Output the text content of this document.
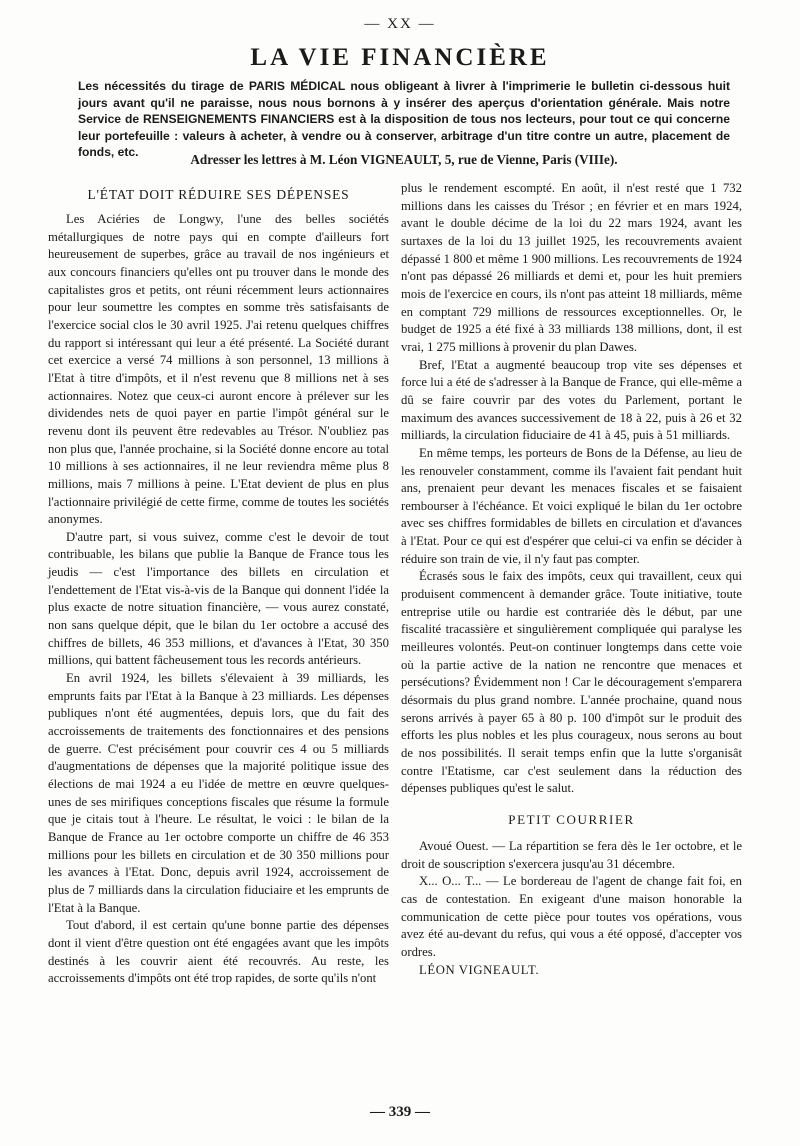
— XX —
LA VIE FINANCIÈRE

Les nécessités du tirage de PARIS MÉDICAL nous obligeant à livrer à l'imprimerie le bulletin ci-dessous huit jours avant qu'il ne paraisse, nous nous bornons à y insérer des aperçus d'orientation générale. Mais notre Service de RENSEIGNEMENTS FINANCIERS est à la disposition de tous nos lecteurs, pour tout ce qui concerne leur portefeuille : valeurs à acheter, à vendre ou à conserver, arbitrage d'un titre contre un autre, placement de fonds, etc.	Adresser les lettres à M. Léon VIGNEAULT, 5, rue de Vienne, Paris (VIIIe).

L'ÉTAT DOIT RÉDUIRE SES DÉPENSES

Les Aciéries de Longwy, l'une des belles sociétés métallurgiques de notre pays qui en compte d'ailleurs fort heureusement de superbes, grâce au travail de nos ingénieurs et aux concours financiers qu'elles ont pu trouver dans le monde des capitalistes gros et petits, ont réuni récemment leurs actionnaires pour leur soumettre les comptes en somme très satisfaisants de l'exercice social clos le 30 avril 1925. J'ai retenu quelques chiffres du rapport si intéressant qui leur a été présenté. La Société durant cet exercice a versé 74 millions à son personnel, 13 millions à l'Etat à titre d'impôts, et il n'est revenu que 8 millions net à ses actionnaires. Notez que ceux-ci auront encore à prélever sur les dividendes nets de quoi payer en partie l'impôt général sur le revenu dont ils peuvent être redevables au Trésor. N'oubliez pas non plus que, l'année prochaine, si la Société donne encore au total 10 millions à ses actionnaires, il ne leur reviendra même plus 8 millions, mais 7 millions à peine. L'Etat devient de plus en plus l'actionnaire privilégié de cette firme, comme de toutes les sociétés anonymes.

D'autre part, si vous suivez, comme c'est le devoir de tout contribuable, les bilans que publie la Banque de France tous les jeudis — c'est l'importance des billets en circulation et l'endettement de l'Etat vis-à-vis de la Banque qui donnent l'idée la plus exacte de notre situation financière, — vous aurez constaté, non sans quelque dépit, que le bilan du 1er octobre a accusé des chiffres de billets, 46 353 millions, et d'avances à l'Etat, 30 350 millions, qui battent fâcheusement tous les records antérieurs.

En avril 1924, les billets s'élevaient à 39 milliards, les emprunts faits par l'Etat à la Banque à 23 milliards. Les dépenses publiques n'ont été augmentées, depuis lors, que du fait des accroissements de traitements des fonctionnaires et des pensions de guerre. C'est précisément pour couvrir ces 4 ou 5 milliards d'augmentations de dépenses que la majorité politique issue des élections de mai 1924 a eu l'idée de mettre en œuvre quelques-unes de ses mirifiques conceptions fiscales que résume la formule que je citais tout à l'heure. Le résultat, le voici : le bilan de la Banque de France au 1er octobre comporte un chiffre de 46 353 millions pour les billets en circulation et de 30 350 millions pour les avances à l'Etat. Donc, depuis avril 1924, accroissement de plus de 7 milliards dans la circulation fiduciaire et les emprunts de l'Etat à la Banque.

Tout d'abord, il est certain qu'une bonne partie des dépenses dont il vient d'être question ont été engagées avant que les impôts destinés à les couvrir aient été recouvrés. Au reste, les accroissements d'impôts ont été trop rapides, de sorte qu'ils n'ont

plus le rendement escompté. En août, il n'est resté que 1 732 millions dans les caisses du Trésor ; en février et en mars 1924, avant le double décime de la loi du 22 mars 1924, avant les surtaxes de la loi du 13 juillet 1925, les recouvrements avaient dépassé 1 800 et même 1 900 millions. Les recouvrements de 1924 n'ont pas dépassé 26 milliards et demi et, pour les huit premiers mois de l'exercice en cours, ils n'ont pas atteint 18 milliards, même en comptant 729 millions de ressources exceptionnelles. Or, le budget de 1925 a été fixé à 33 milliards 138 millions, dont, il est vrai, 1 275 millions à provenir du plan Dawes.

Bref, l'Etat a augmenté beaucoup trop vite ses dépenses et force lui a été de s'adresser à la Banque de France, qui elle-même a dû se faire couvrir par des votes du Parlement, portant le maximum des avances successivement de 18 à 22, puis à 26 et 32 milliards, la circulation fiduciaire de 41 à 45, puis à 51 milliards.

En même temps, les porteurs de Bons de la Défense, au lieu de les renouveler constamment, comme ils l'avaient fait pendant huit ans, prenaient peur devant les menaces fiscales et se faisaient rembourser à l'échéance. Et voici expliqué le bilan du 1er octobre avec ses chiffres formidables de billets en circulation et d'avances à l'Etat. Pour ce qui est d'espérer que celui-ci va enfin se décider à réduire son train de vie, il n'y faut pas compter.

Écrasés sous le faix des impôts, ceux qui travaillent, ceux qui produisent commencent à demander grâce. Toute initiative, toute entreprise utile ou hardie est contrariée dès le début, par une fiscalité tracassière et singulièrement compliquée qui paralyse les meilleures volontés. Peut-on continuer longtemps dans cette voie où la partie active de la nation ne rencontre que menaces et persécutions? Évidemment non ! Car le découragement s'emparera désormais du plus grand nombre. L'année prochaine, quand nous serons arrivés à payer 65 à 80 p. 100 d'impôt sur le produit des efforts les plus nobles et les plus courageux, nous serons au bout de nos possibilités. Il serait temps enfin que la lutte s'organisât contre l'Etatisme, car c'est seulement dans la réduction des dépenses publiques qu'est le salut.

PETIT COURRIER

Avoué Ouest. — La répartition se fera dès le 1er octobre, et le droit de souscription s'exercera jusqu'au 31 décembre.

X... O... T... — Le bordereau de l'agent de change fait foi, en cas de contestation. En exigeant d'une maison honorable la communication de cette pièce pour toutes vos opérations, vous avez été au-devant du refus, qui vous a été opposé, d'accepter vos ordres.

LÉON VIGNEAULT.

— 339 —
